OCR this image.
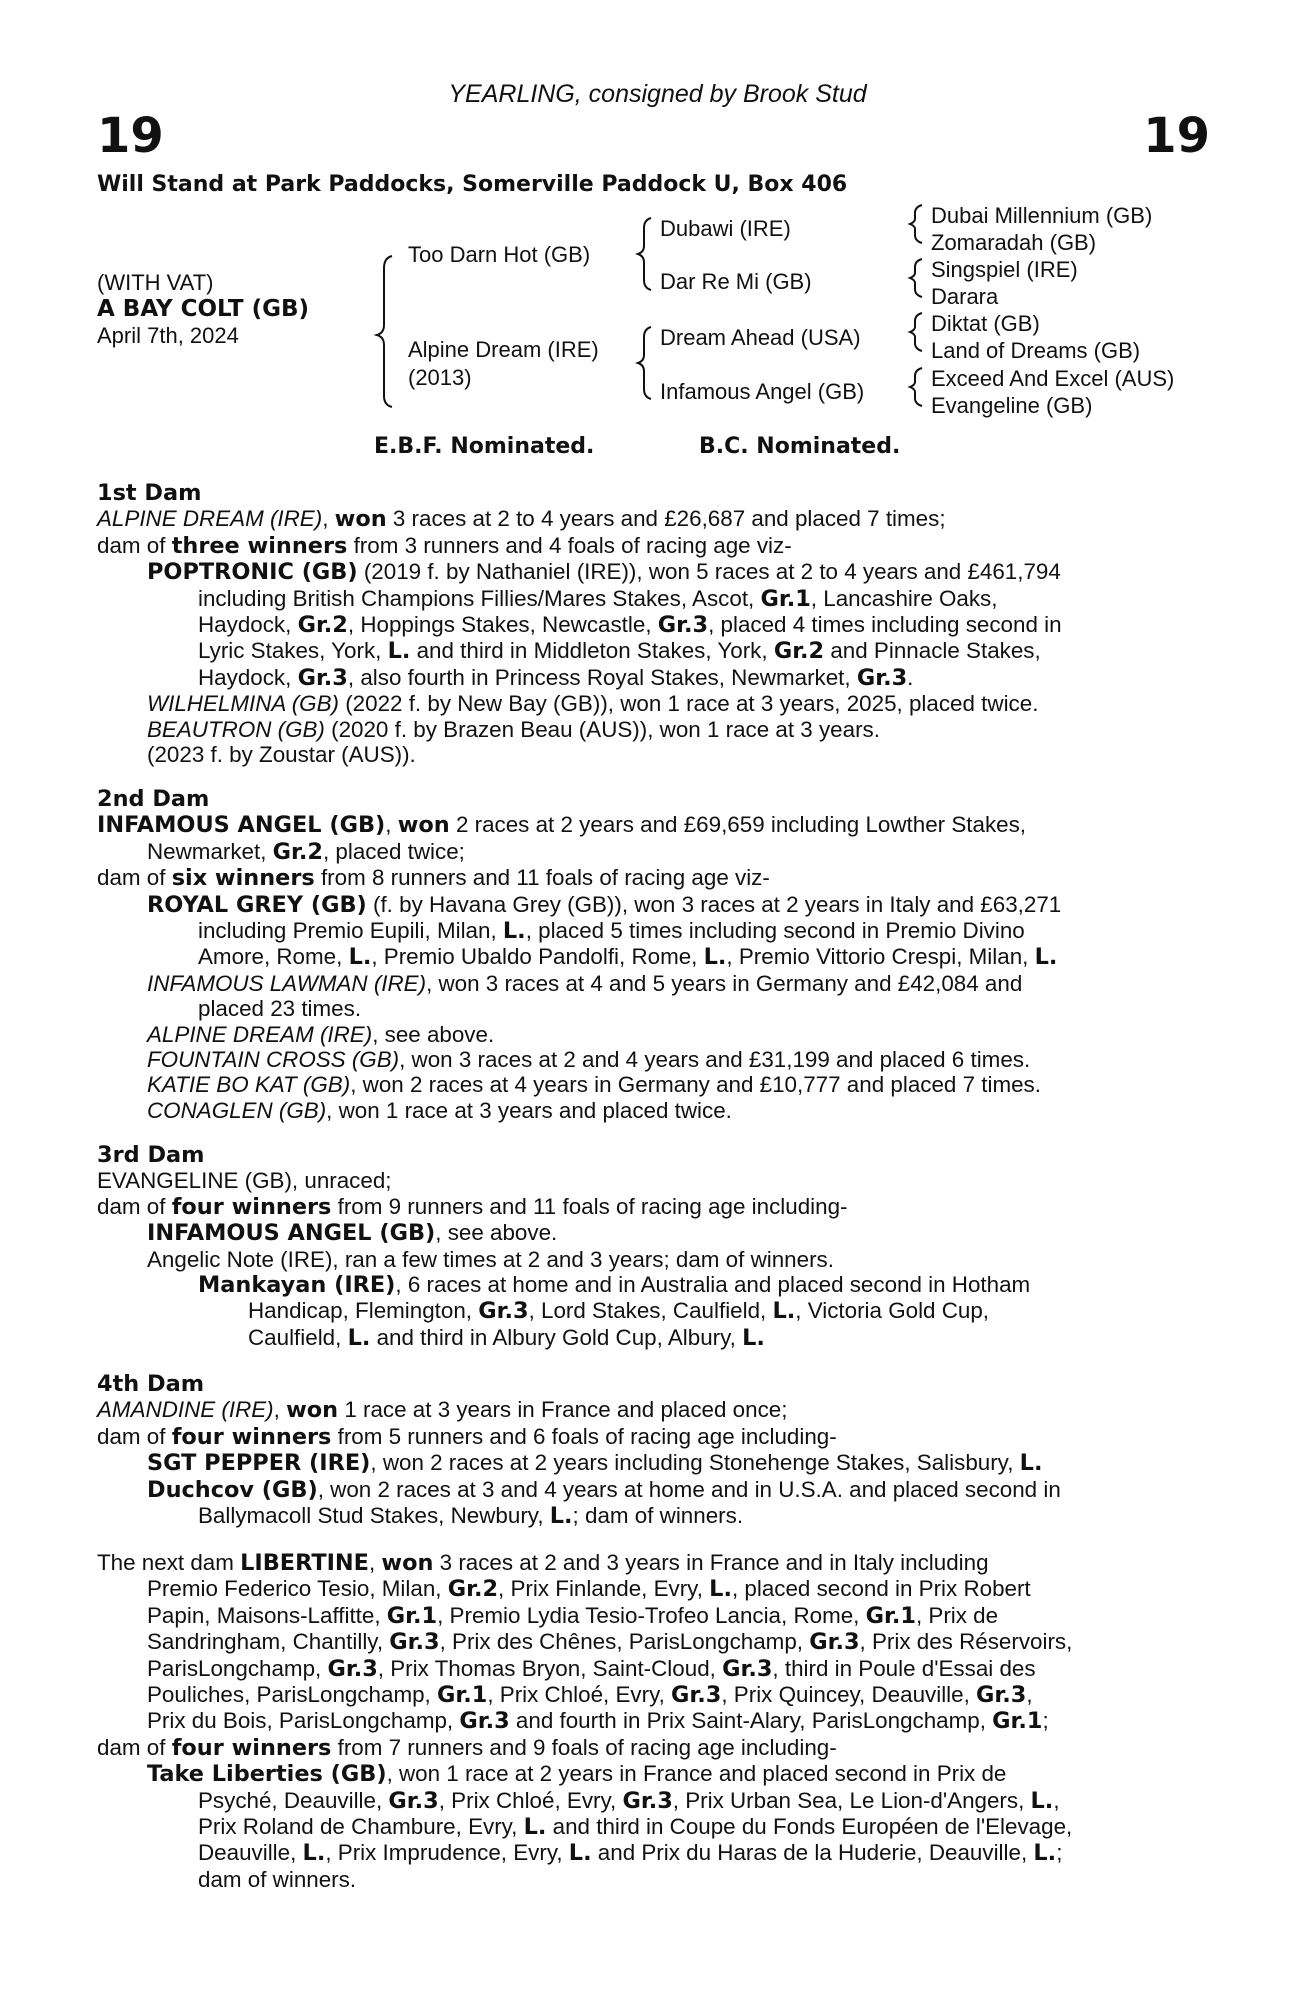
19	19
YEARLING, consigned by Brook Stud
Will Stand at Park Paddocks, Somerville Paddock U, Box 406
(WITH VAT)
A BAY COLT (GB)
April 7th, 2024
Too Darn Hot (GB)
Alpine Dream (IRE)
(2013)
Dubawi (IRE)
Dar Re Mi (GB)
Dream Ahead (USA)
Infamous Angel (GB)
Dubai Millennium (GB)
Zomaradah (GB)
Singspiel (IRE)
Darara
Diktat (GB)
Land of Dreams (GB)
Exceed And Excel (AUS)
Evangeline (GB)
E.B.F. Nominated.	B.C. Nominated.
1st Dam
ALPINE DREAM (IRE), won 3 races at 2 to 4 years and £26,687 and placed 7 times;
dam of three winners from 3 runners and 4 foals of racing age viz-
POPTRONIC (GB) (2019 f. by Nathaniel (IRE)), won 5 races at 2 to 4 years and £461,794
including British Champions Fillies/Mares Stakes, Ascot, Gr.1, Lancashire Oaks,
Haydock, Gr.2, Hoppings Stakes, Newcastle, Gr.3, placed 4 times including second in
Lyric Stakes, York, L. and third in Middleton Stakes, York, Gr.2 and Pinnacle Stakes,
Haydock, Gr.3, also fourth in Princess Royal Stakes, Newmarket, Gr.3.
WILHELMINA (GB) (2022 f. by New Bay (GB)), won 1 race at 3 years, 2025, placed twice.
BEAUTRON (GB) (2020 f. by Brazen Beau (AUS)), won 1 race at 3 years.
(2023 f. by Zoustar (AUS)).
2nd Dam
INFAMOUS ANGEL (GB), won 2 races at 2 years and £69,659 including Lowther Stakes,
Newmarket, Gr.2, placed twice;
dam of six winners from 8 runners and 11 foals of racing age viz-
ROYAL GREY (GB) (f. by Havana Grey (GB)), won 3 races at 2 years in Italy and £63,271
including Premio Eupili, Milan, L., placed 5 times including second in Premio Divino
Amore, Rome, L., Premio Ubaldo Pandolfi, Rome, L., Premio Vittorio Crespi, Milan, L.
INFAMOUS LAWMAN (IRE), won 3 races at 4 and 5 years in Germany and £42,084 and
placed 23 times.
ALPINE DREAM (IRE), see above.
FOUNTAIN CROSS (GB), won 3 races at 2 and 4 years and £31,199 and placed 6 times.
KATIE BO KAT (GB), won 2 races at 4 years in Germany and £10,777 and placed 7 times.
CONAGLEN (GB), won 1 race at 3 years and placed twice.
3rd Dam
EVANGELINE (GB), unraced;
dam of four winners from 9 runners and 11 foals of racing age including-
INFAMOUS ANGEL (GB), see above.
Angelic Note (IRE), ran a few times at 2 and 3 years; dam of winners.
Mankayan (IRE), 6 races at home and in Australia and placed second in Hotham
Handicap, Flemington, Gr.3, Lord Stakes, Caulfield, L., Victoria Gold Cup,
Caulfield, L. and third in Albury Gold Cup, Albury, L.
4th Dam
AMANDINE (IRE), won 1 race at 3 years in France and placed once;
dam of four winners from 5 runners and 6 foals of racing age including-
SGT PEPPER (IRE), won 2 races at 2 years including Stonehenge Stakes, Salisbury, L.
Duchcov (GB), won 2 races at 3 and 4 years at home and in U.S.A. and placed second in
Ballymacoll Stud Stakes, Newbury, L.; dam of winners.
The next dam LIBERTINE, won 3 races at 2 and 3 years in France and in Italy including
Premio Federico Tesio, Milan, Gr.2, Prix Finlande, Evry, L., placed second in Prix Robert
Papin, Maisons-Laffitte, Gr.1, Premio Lydia Tesio-Trofeo Lancia, Rome, Gr.1, Prix de
Sandringham, Chantilly, Gr.3, Prix des Chênes, ParisLongchamp, Gr.3, Prix des Réservoirs,
ParisLongchamp, Gr.3, Prix Thomas Bryon, Saint-Cloud, Gr.3, third in Poule d'Essai des
Pouliches, ParisLongchamp, Gr.1, Prix Chloé, Evry, Gr.3, Prix Quincey, Deauville, Gr.3,
Prix du Bois, ParisLongchamp, Gr.3 and fourth in Prix Saint-Alary, ParisLongchamp, Gr.1;
dam of four winners from 7 runners and 9 foals of racing age including-
Take Liberties (GB), won 1 race at 2 years in France and placed second in Prix de
Psyché, Deauville, Gr.3, Prix Chloé, Evry, Gr.3, Prix Urban Sea, Le Lion-d'Angers, L.,
Prix Roland de Chambure, Evry, L. and third in Coupe du Fonds Européen de l'Elevage,
Deauville, L., Prix Imprudence, Evry, L. and Prix du Haras de la Huderie, Deauville, L.;
dam of winners.
